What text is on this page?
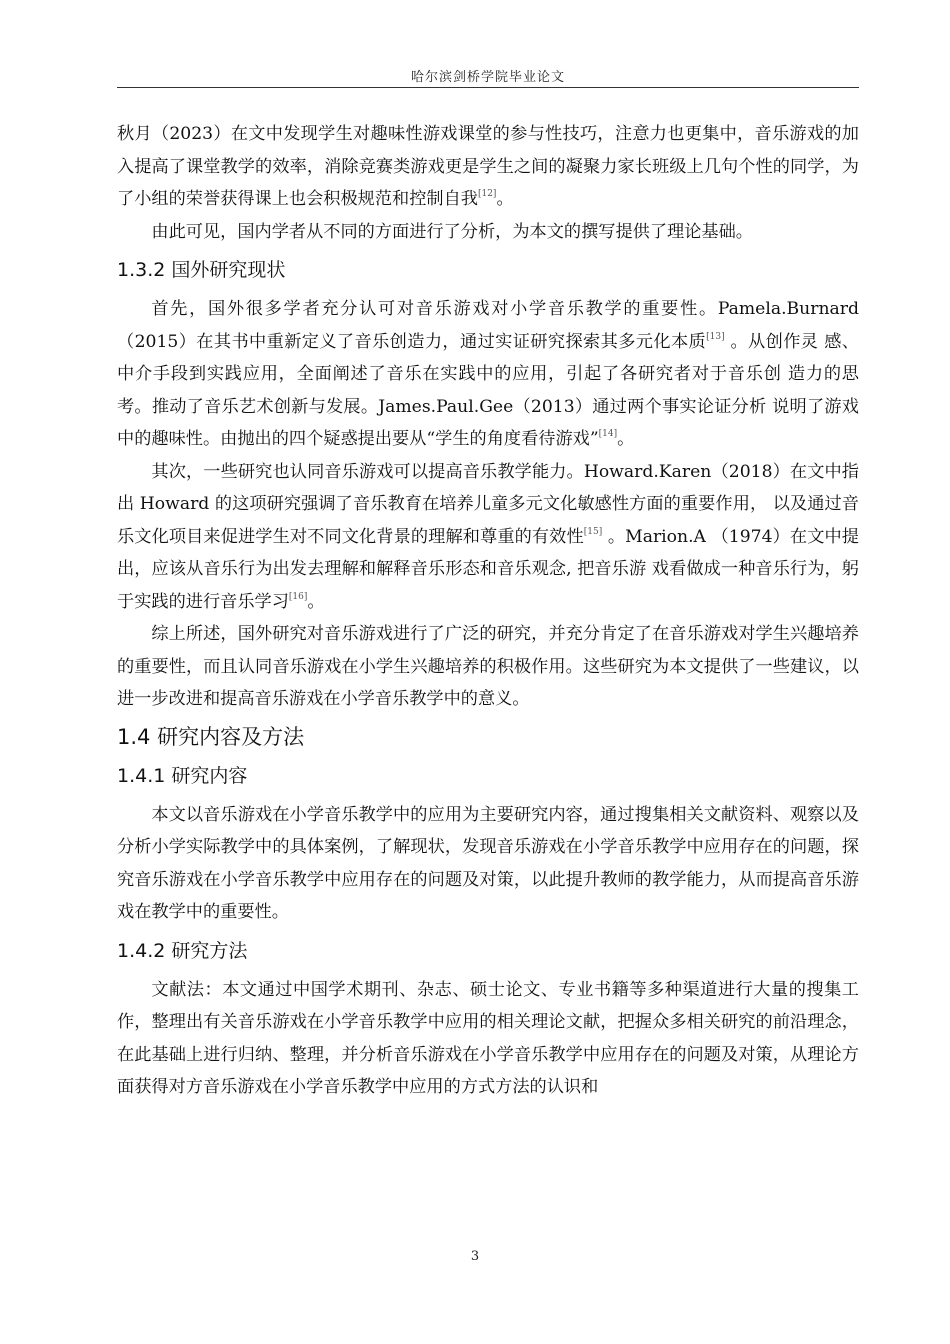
哈尔滨剑桥学院毕业论文

秋月（2023）在文中发现学生对趣味性游戏课堂的参与性技巧，注意力也更集中，音乐游戏的加入提高了课堂教学的效率，消除竞赛类游戏更是学生之间的凝聚力家长班级上几句个性的同学，为了小组的荣誉获得课上也会积极规范和控制自我[12]。

由此可见，国内学者从不同的方面进行了分析，为本文的撰写提供了理论基础。

1.3.2 国外研究现状

首先，国外很多学者充分认可对音乐游戏对小学音乐教学的重要性。Pamela.Burnard（2015）在其书中重新定义了音乐创造力，通过实证研究探索其多元化本质[13] 。从创作灵 感、中介手段到实践应用，全面阐述了音乐在实践中的应用，引起了各研究者对于音乐创 造力的思考。推动了音乐艺术创新与发展。James.Paul.Gee（2013）通过两个事实论证分析 说明了游戏中的趣味性。由抛出的四个疑惑提出要从“学生的角度看待游戏”[14]。

其次，一些研究也认同音乐游戏可以提高音乐教学能力。Howard.Karen（2018）在文中指出 Howard 的这项研究强调了音乐教育在培养儿童多元文化敏感性方面的重要作用， 以及通过音乐文化项目来促进学生对不同文化背景的理解和尊重的有效性[15] 。Marion.A （1974）在文中提出，应该从音乐行为出发去理解和解释音乐形态和音乐观念, 把音乐游 戏看做成一种音乐行为，躬于实践的进行音乐学习[16]。

综上所述，国外研究对音乐游戏进行了广泛的研究，并充分肯定了在音乐游戏对学生兴趣培养的重要性，而且认同音乐游戏在小学生兴趣培养的积极作用。这些研究为本文提供了一些建议，以进一步改进和提高音乐游戏在小学音乐教学中的意义。

1.4 研究内容及方法
1.4.1 研究内容

本文以音乐游戏在小学音乐教学中的应用为主要研究内容，通过搜集相关文献资料、观察以及分析小学实际教学中的具体案例，了解现状，发现音乐游戏在小学音乐教学中应用存在的问题，探究音乐游戏在小学音乐教学中应用存在的问题及对策，以此提升教师的教学能力，从而提高音乐游戏在教学中的重要性。

1.4.2 研究方法

文献法：本文通过中国学术期刊、杂志、硕士论文、专业书籍等多种渠道进行大量的搜集工作，整理出有关音乐游戏在小学音乐教学中应用的相关理论文献，把握众多相关研究的前沿理念，在此基础上进行归纳、整理，并分析音乐游戏在小学音乐教学中应用存在的问题及对策，从理论方面获得对方音乐游戏在小学音乐教学中应用的方式方法的认识和

3
